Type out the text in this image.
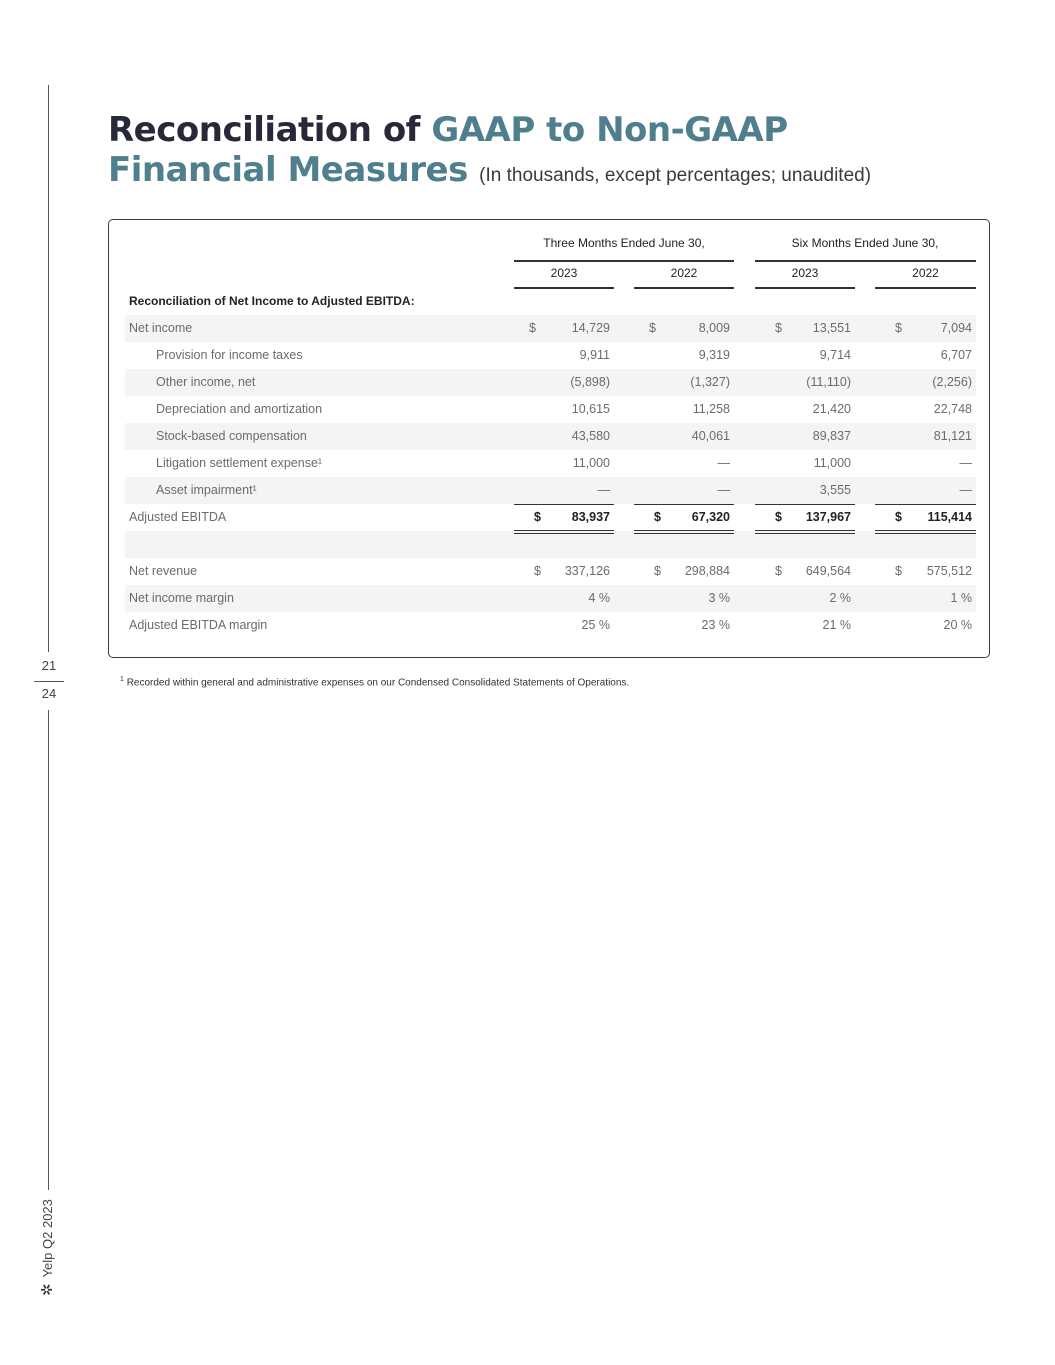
21
24
✲
Yelp Q2 2023
Reconciliation of GAAP to Non-GAAP
Financial Measures (In thousands, except percentages; unaudited)
Three Months Ended June 30,	Six Months Ended June 30,
2023	2022	2023	2022
Reconciliation of Net Income to Adjusted EBITDA:
Net income	$	14,729	$	8,009	$	13,551	$	7,094
Provision for income taxes	9,911	9,319	9,714	6,707
Other income, net	(5,898)	(1,327)	(11,110)	(2,256)
Depreciation and amortization	10,615	11,258	21,420	22,748
Stock-based compensation	43,580	40,061	89,837	81,121
Litigation settlement expense¹	11,000	—	11,000	—
Asset impairment¹	—	—	3,555	—
Adjusted EBITDA	$	83,937	$	67,320	$	137,967	$	115,414
Net revenue	$	337,126	$	298,884	$	649,564	$	575,512
Net income margin	4 %	3 %	2 %	1 %
Adjusted EBITDA margin	25 %	23 %	21 %	20 %
$^1$ Recorded within general and administrative expenses on our Condensed Consolidated Statements of Operations.
